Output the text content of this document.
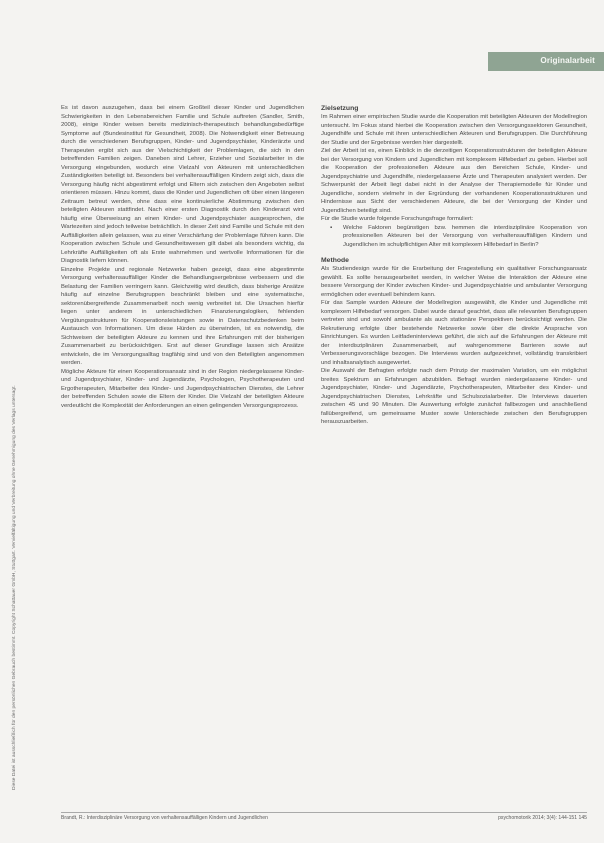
Originalarbeit
Diese Datei ist ausschließlich für den persönlichen Gebrauch bestimmt. Copyright Schattauer GmbH, Stuttgart. Vervielfältigung und Verbreitung ohne Genehmigung des Verlags untersagt.

Es ist davon auszugehen, dass bei einem Großteil dieser Kinder und Jugendlichen Schwierigkeiten in den Lebensbereichen Familie und Schule auftreten (Sandler, Smith, 2008), einige Kinder weisen bereits medizinisch-therapeutisch behandlungsbedürftige Symptome auf (Bundesinstitut für Gesundheit, 2008). Die Notwendigkeit einer Betreuung durch die verschiedenen Berufsgruppen, Kinder- und Jugendpsychiater, Kinderärzte und Therapeuten ergibt sich aus der Vielschichtigkeit der Problemlagen, die sich in den betreffenden Familien zeigen. Daneben sind Lehrer, Erzieher und Sozialarbeiter in die Versorgung eingebunden, wodurch eine Vielzahl von Akteuren mit unterschiedlichen Zuständigkeiten beteiligt ist. Besonders bei verhaltensauffälligen Kindern zeigt sich, dass die Versorgung häufig nicht abgestimmt erfolgt und Eltern sich zwischen den Angeboten selbst orientieren müssen. Hinzu kommt, dass die Kinder und Jugendlichen oft über einen längeren Zeitraum betreut werden, ohne dass eine kontinuierliche Abstimmung zwischen den beteiligten Akteuren stattfindet. Nach einer ersten Diagnostik durch den Kinderarzt wird häufig eine Überweisung an einen Kinder- und Jugendpsychiater ausgesprochen, die Wartezeiten sind jedoch teilweise beträchtlich. In dieser Zeit sind Familie und Schule mit den Auffälligkeiten allein gelassen, was zu einer Verschärfung der Problemlage führen kann. Die Kooperation zwischen Schule und Gesundheitswesen gilt dabei als besonders wichtig, da Lehrkräfte Auffälligkeiten oft als Erste wahrnehmen und wertvolle Informationen für die Diagnostik liefern können.

Einzelne Projekte und regionale Netzwerke haben gezeigt, dass eine abgestimmte Versorgung verhaltensauffälliger Kinder die Behandlungsergebnisse verbessern und die Belastung der Familien verringern kann. Gleichzeitig wird deutlich, dass bisherige Ansätze häufig auf einzelne Berufsgruppen beschränkt bleiben und eine systematische, sektorenübergreifende Zusammenarbeit noch wenig verbreitet ist. Die Ursachen hierfür liegen unter anderem in unterschiedlichen Finanzierungslogiken, fehlenden Vergütungsstrukturen für Kooperationsleistungen sowie in Datenschutzbedenken beim Austausch von Informationen. Um diese Hürden zu überwinden, ist es notwendig, die Sichtweisen der beteiligten Akteure zu kennen und ihre Erfahrungen mit der bisherigen Zusammenarbeit zu berücksichtigen. Erst auf dieser Grundlage lassen sich Ansätze entwickeln, die im Versorgungsalltag tragfähig sind und von den Beteiligten angenommen werden.

Mögliche Akteure für einen Kooperationsansatz sind in der Region niedergelassene Kinder- und Jugendpsychiater, Kinder- und Jugendärzte, Psychologen, Psychotherapeuten und Ergotherapeuten, Mitarbeiter des Kinder- und Jugendpsychiatrischen Dienstes, die Lehrer der betreffenden Schulen sowie die Eltern der Kinder. Die Vielzahl der beteiligten Akteure verdeutlicht die Komplexität der Anforderungen an einen gelingenden Versorgungsprozess.

Zielsetzung

Im Rahmen einer empirischen Studie wurde die Kooperation mit beteiligten Akteuren der Modellregion untersucht. Im Fokus stand hierbei die Kooperation zwischen den Versorgungssektoren Gesundheit, Jugendhilfe und Schule mit ihren unterschiedlichen Akteuren und Berufsgruppen. Die Durchführung der Studie und der Ergebnisse werden hier dargestellt.

Ziel der Arbeit ist es, einen Einblick in die derzeitigen Kooperationsstrukturen der beteiligten Akteure bei der Versorgung von Kindern und Jugendlichen mit komplexem Hilfebedarf zu geben. Hierbei soll die Kooperation der professionellen Akteure aus den Bereichen Schule, Kinder- und Jugendpsychiatrie und Jugendhilfe, niedergelassene Ärzte und Therapeuten analysiert werden. Der Schwerpunkt der Arbeit liegt dabei nicht in der Analyse der Therapiemodelle für Kinder und Jugendliche, sondern vielmehr in der Ergründung der vorhandenen Kooperationsstrukturen und Hindernisse aus Sicht der verschiedenen Akteure, die bei der Versorgung der Kinder und Jugendlichen beteiligt sind.

Für die Studie wurde folgende Forschungsfrage formuliert:

▪ Welche Faktoren begünstigen bzw. hemmen die interdisziplinäre Kooperation von professionellen Akteuren bei der Versorgung von verhaltensauffälligen Kindern und Jugendlichen im schulpflichtigen Alter mit komplexem Hilfebedarf in Berlin?
Methode

Als Studiendesign wurde für die Erarbeitung der Fragestellung ein qualitativer Forschungsansatz gewählt. Es sollte herausgearbeitet werden, in welcher Weise die Interaktion der Akteure eine bessere Versorgung der Kinder zwischen Kinder- und Jugendpsychiatrie und ambulanter Versorgung ermöglichen oder eventuell behindern kann.

Für das Sample wurden Akteure der Modellregion ausgewählt, die Kinder und Jugendliche mit komplexem Hilfebedarf versorgen. Dabei wurde darauf geachtet, dass alle relevanten Berufsgruppen vertreten sind und sowohl ambulante als auch stationäre Perspektiven berücksichtigt werden. Die Rekrutierung erfolgte über bestehende Netzwerke sowie über die direkte Ansprache von Einrichtungen. Es wurden Leitfadeninterviews geführt, die sich auf die Erfahrungen der Akteure mit der interdisziplinären Zusammenarbeit, auf wahrgenommene Barrieren sowie auf Verbesserungsvorschläge bezogen. Die Interviews wurden aufgezeichnet, vollständig transkribiert und inhaltsanalytisch ausgewertet.

Die Auswahl der Befragten erfolgte nach dem Prinzip der maximalen Variation, um ein möglichst breites Spektrum an Erfahrungen abzubilden. Befragt wurden niedergelassene Kinder- und Jugendpsychiater, Kinder- und Jugendärzte, Psychotherapeuten, Mitarbeiter des Kinder- und Jugendpsychiatrischen Dienstes, Lehrkräfte und Schulsozialarbeiter. Die Interviews dauerten zwischen 45 und 90 Minuten. Die Auswertung erfolgte zunächst fallbezogen und anschließend fallübergreifend, um gemeinsame Muster sowie Unterschiede zwischen den Berufsgruppen herauszuarbeiten.

Brandt, R.: Interdisziplinäre Versorgung von verhaltensauffälligen Kindern und Jugendlichen	psychomotorik 2014; 3(4): 144-151 145
